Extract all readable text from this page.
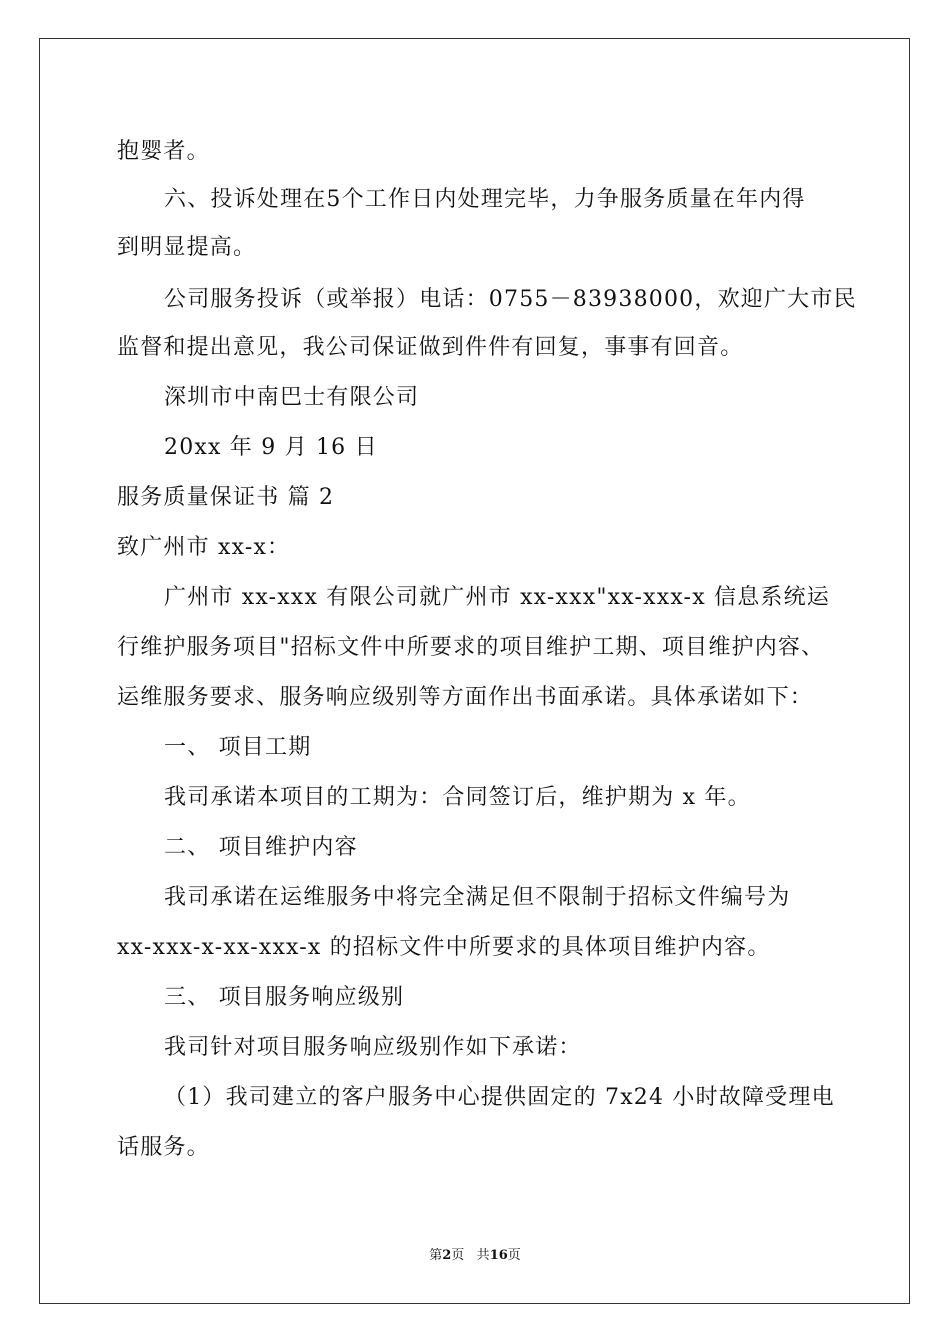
抱婴者。
六、投诉处理在5个工作日内处理完毕，力争服务质量在年内得
到明显提高。
公司服务投诉（或举报）电话：0755－83938000，欢迎广大市民
监督和提出意见，我公司保证做到件件有回复，事事有回音。
深圳市中南巴士有限公司
20xx 年 9 月 16 日
服务质量保证书 篇 2
致广州市 xx-x：
广州市 xx-xxx 有限公司就广州市 xx-xxx"xx-xxx-x 信息系统运
行维护服务项目"招标文件中所要求的项目维护工期、项目维护内容、
运维服务要求、服务响应级别等方面作出书面承诺。具体承诺如下：
一、 项目工期
我司承诺本项目的工期为：合同签订后，维护期为 x 年。
二、 项目维护内容
我司承诺在运维服务中将完全满足但不限制于招标文件编号为
xx-xxx-x-xx-xxx-x 的招标文件中所要求的具体项目维护内容。
三、 项目服务响应级别
我司针对项目服务响应级别作如下承诺：
（1）我司建立的客户服务中心提供固定的 7x24 小时故障受理电
话服务。
第2页 共16页
